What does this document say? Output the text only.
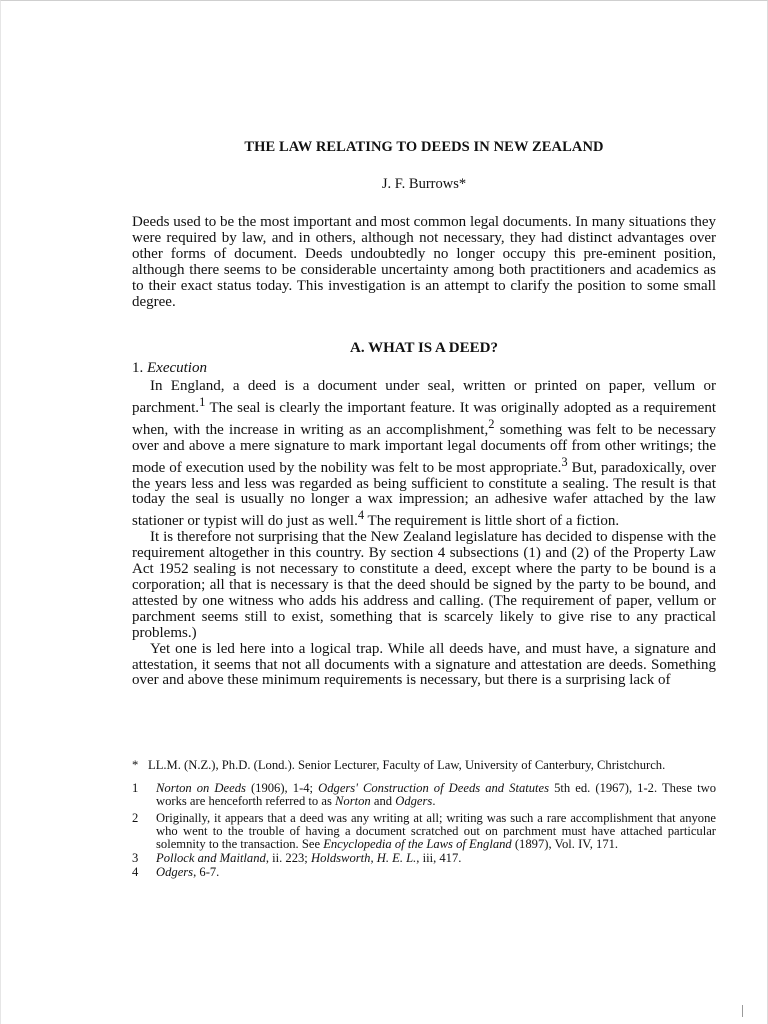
THE LAW RELATING TO DEEDS IN NEW ZEALAND

J. F. Burrows*

Deeds used to be the most important and most common legal documents. In many situations they were required by law, and in others, although not necessary, they had distinct advantages over other forms of document. Deeds undoubtedly no longer occupy this pre-eminent position, although there seems to be considerable uncertainty among both practitioners and academics as to their exact status today. This investigation is an attempt to clarify the position to some small degree.

A. WHAT IS A DEED?
1. Execution

In England, a deed is a document under seal, written or printed on paper, vellum or parchment.$^1$ The seal is clearly the important feature. It was originally adopted as a requirement when, with the increase in writing as an accomplishment,$^2$ something was felt to be necessary over and above a mere signature to mark important legal documents off from other writings; the mode of execution used by the nobility was felt to be most appropriate.$^3$ But, paradoxically, over the years less and less was regarded as being sufficient to constitute a sealing. The result is that today the seal is usually no longer a wax impression; an adhesive wafer attached by the law stationer or typist will do just as well.$^4$ The requirement is little short of a fiction.

It is therefore not surprising that the New Zealand legislature has decided to dispense with the requirement altogether in this country. By section 4 subsections (1) and (2) of the Property Law Act 1952 sealing is not necessary to constitute a deed, except where the party to be bound is a corporation; all that is necessary is that the deed should be signed by the party to be bound, and attested by one witness who adds his address and calling. (The requirement of paper, vellum or parchment seems still to exist, something that is scarcely likely to give rise to any practical problems.)

Yet one is led here into a logical trap. While all deeds have, and must have, a signature and attestation, it seems that not all documents with a signature and attestation are deeds. Something over and above these minimum requirements is necessary, but there is a surprising lack of

* LL.M. (N.Z.), Ph.D. (Lond.). Senior Lecturer, Faculty of Law, University of Canterbury, Christchurch.
1	Norton on Deeds (1906), 1-4; Odgers' Construction of Deeds and Statutes 5th ed. (1967), 1-2. These two works are henceforth referred to as Norton and Odgers.
2	Originally, it appears that a deed was any writing at all; writing was such a rare accomplishment that anyone who went to the trouble of having a document scratched out on parchment must have attached particular solemnity to the transaction. See Encyclopedia of the Laws of England (1897), Vol. IV, 171.
3	Pollock and Maitland, ii. 223; Holdsworth, H. E. L., iii, 417.
4	Odgers, 6-7.
